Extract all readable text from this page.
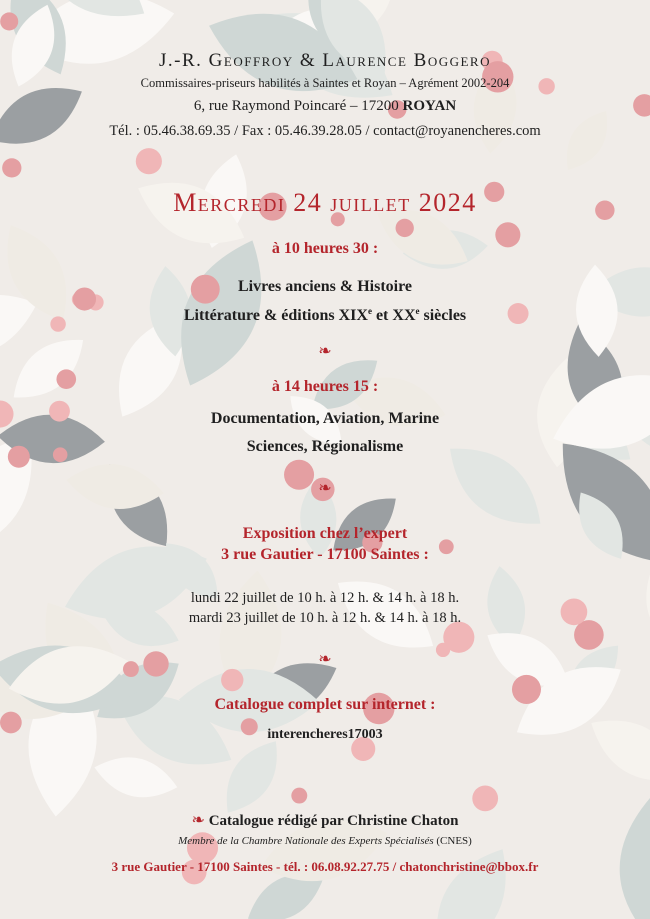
J.-R. Geoffroy & Laurence Boggero
Commissaires-priseurs habilités à Saintes et Royan – Agrément 2002-204
6, rue Raymond Poincaré – 17200 ROYAN
Tél. : 05.46.38.69.35 / Fax : 05.46.39.28.05 / contact@royanencheres.com
Mercredi 24 juillet 2024
à 10 heures 30 :
Livres anciens & Histoire
Littérature & éditions XIXe et XXe siècles
❧
à 14 heures 15 :
Documentation, Aviation, Marine
Sciences, Régionalisme
❧
Exposition chez l’expert
3 rue Gautier - 17100 Saintes :
lundi 22 juillet de 10 h. à 12 h. & 14 h. à 18 h.
mardi 23 juillet de 10 h. à 12 h. & 14 h. à 18 h.
❧
Catalogue complet sur internet :
interencheres17003
❧ Catalogue rédigé par Christine Chaton
Membre de la Chambre Nationale des Experts Spécialisés (CNES)
3 rue Gautier - 17100 Saintes - tél. : 06.08.92.27.75 / chatonchristine@bbox.fr
